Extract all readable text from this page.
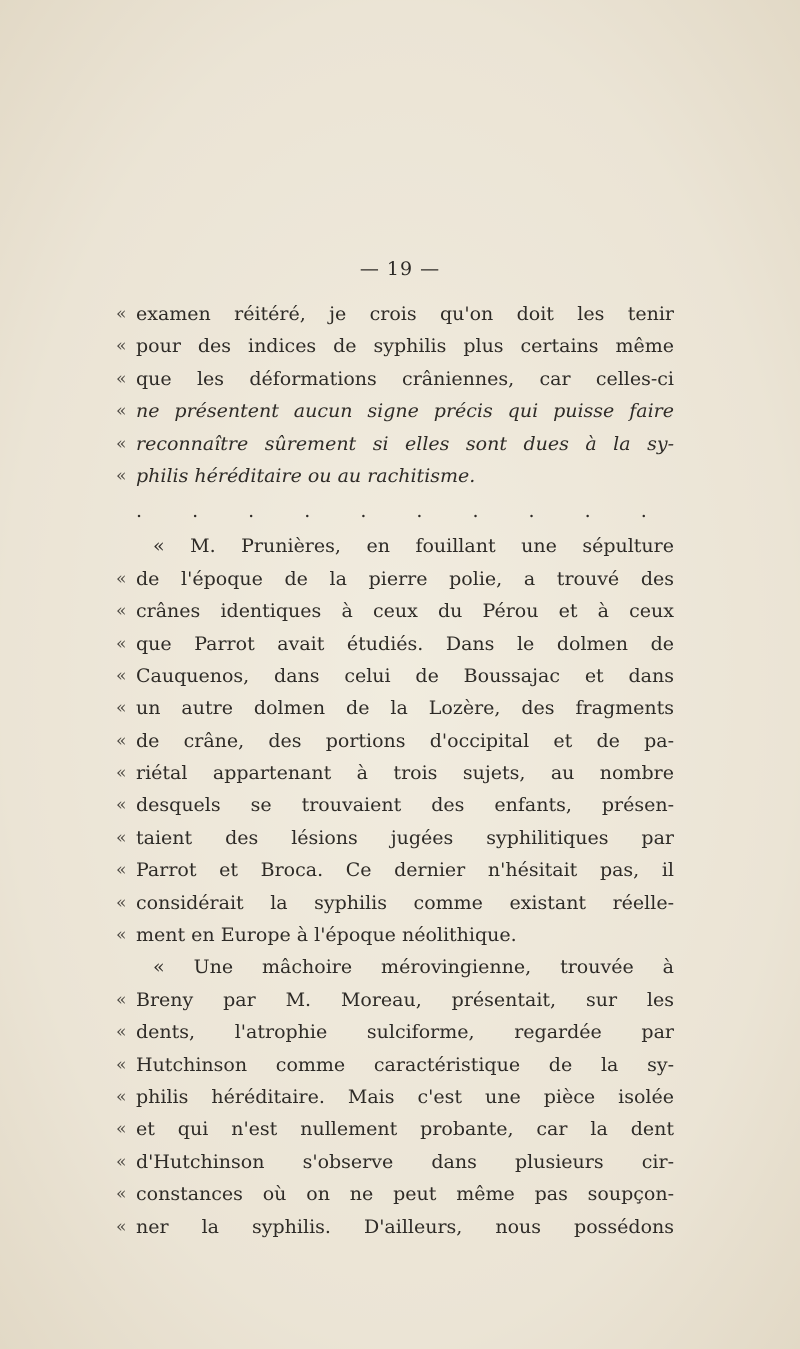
— 19 —
« examen réitéré, je crois qu'on doit les tenir
« pour des indices de syphilis plus certains même
« que les déformations crâniennes, car celles-ci
« ne présentent aucun signe précis qui puisse faire
« reconnaître sûrement si elles sont dues à la sy-
« philis héréditaire ou au rachitisme.
. . . . . . . . . .
« M. Prunières, en fouillant une sépulture
« de l'époque de la pierre polie, a trouvé des
« crânes identiques à ceux du Pérou et à ceux
« que Parrot avait étudiés. Dans le dolmen de
« Cauquenos, dans celui de Boussajac et dans
« un autre dolmen de la Lozère, des fragments
« de crâne, des portions d'occipital et de pa-
« riétal appartenant à trois sujets, au nombre
« desquels se trouvaient des enfants, présen-
« taient des lésions jugées syphilitiques par
« Parrot et Broca. Ce dernier n'hésitait pas, il
« considérait la syphilis comme existant réelle-
« ment en Europe à l'époque néolithique.
« Une mâchoire mérovingienne, trouvée à
« Breny par M. Moreau, présentait, sur les
« dents, l'atrophie sulciforme, regardée par
« Hutchinson comme caractéristique de la sy-
« philis héréditaire. Mais c'est une pièce isolée
« et qui n'est nullement probante, car la dent
« d'Hutchinson s'observe dans plusieurs cir-
« constances où on ne peut même pas soupçon-
« ner la syphilis. D'ailleurs, nous possédons
